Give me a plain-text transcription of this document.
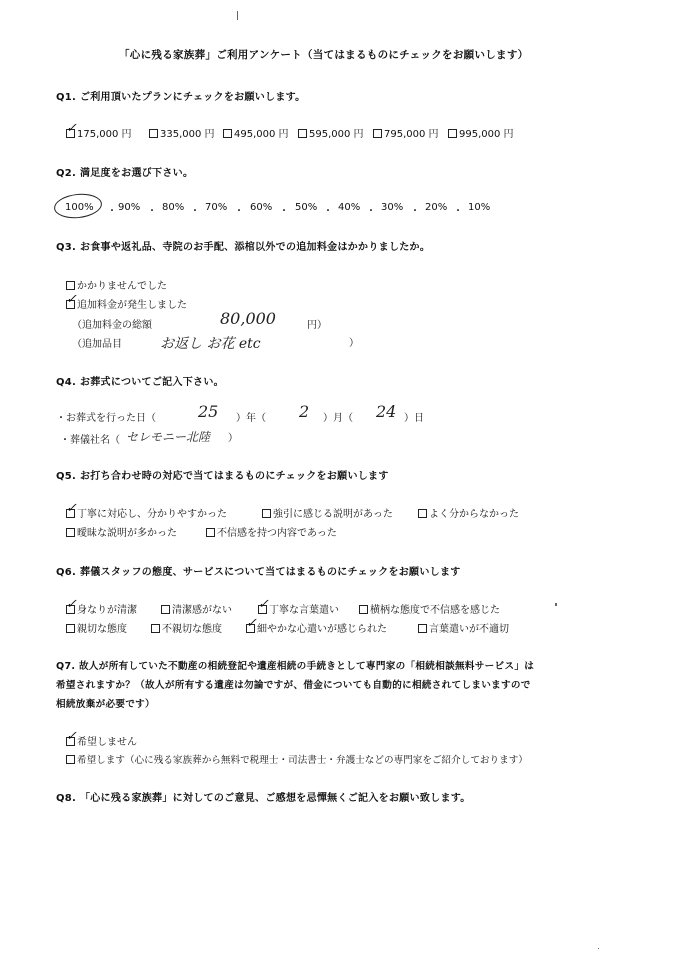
「心に残る家族葬」ご利用アンケート（当てはまるものにチェックをお願いします）
Q1. ご利用頂いたプランにチェックをお願いします。
✓ 175,000 円	335,000 円	495,000 円	595,000 円	795,000 円	995,000 円
Q2. 満足度をお選び下さい。
100% ・ 90% ・ 80% ・ 70% ・ 60% ・ 50% ・ 40% ・ 30% ・ 20% ・ 10%
Q3. お食事や返礼品、寺院のお手配、添棺以外での追加料金はかかりましたか。
かかりませんでした
✓ 追加料金が発生しました
（追加料金の総額	80,000	円）
（追加品目	お返し お花 etc	）
Q4. お葬式についてご記入下さい。
・お葬式を行った日（	25 ）年（ 2 ）月（ 24 ）日
・葬儀社名（ セレモニー北陸 ）
Q5. お打ち合わせ時の対応で当てはまるものにチェックをお願いします
✓ 丁寧に対応し、分かりやすかった	強引に感じる説明があった	よく分からなかった
曖昧な説明が多かった	不信感を持つ内容であった
Q6. 葬儀スタッフの態度、サービスについて当てはまるものにチェックをお願いします
✓ 身なりが清潔	清潔感がない ✓ 丁寧な言葉遣い	横柄な態度で不信感を感じた
親切な態度	不親切な態度 ✓ 細やかな心遣いが感じられた	言葉遣いが不適切
Q7. 故人が所有していた不動産の相続登記や遺産相続の手続きとして専門家の「相続相談無料サービス」は
希望されますか？（故人が所有する遺産は勿論ですが、借金についても自動的に相続されてしまいますので
相続放棄が必要です）
✓ 希望しません
希望します（心に残る家族葬から無料で税理士・司法書士・弁護士などの専門家をご紹介しております）
Q8. 「心に残る家族葬」に対してのご意見、ご感想を忌憚無くご記入をお願い致します。
